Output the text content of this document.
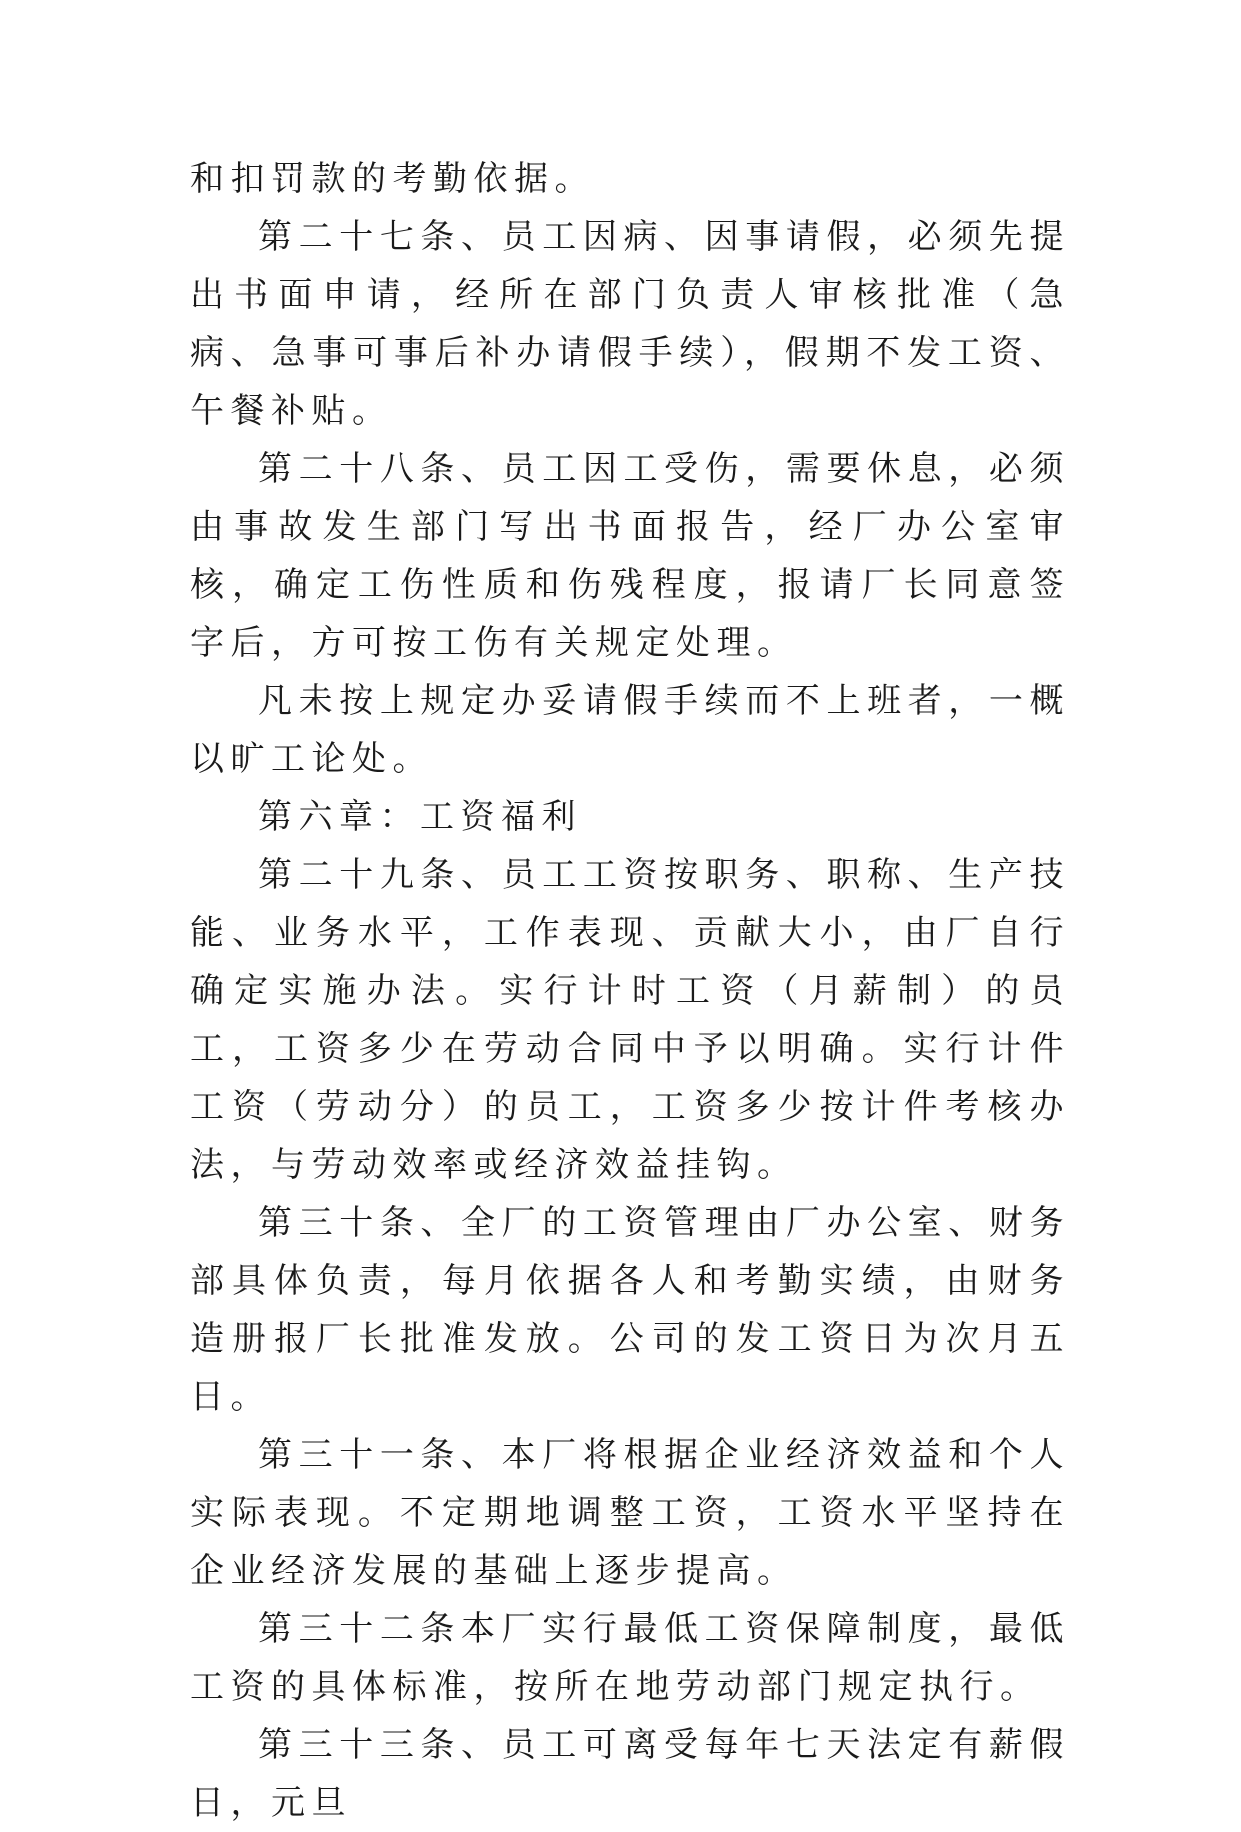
和扣罚款的考勤依据。

第二十七条、员工因病、因事请假，必须先提出书面申请，经所在部门负责人审核批准（急病、急事可事后补办请假手续），假期不发工资、午餐补贴。

第二十八条、员工因工受伤，需要休息，必须由事故发生部门写出书面报告，经厂办公室审核，确定工伤性质和伤残程度，报请厂长同意签字后，方可按工伤有关规定处理。

凡未按上规定办妥请假手续而不上班者，一概以旷工论处。

第六章：工资福利

第二十九条、员工工资按职务、职称、生产技能、业务水平，工作表现、贡献大小，由厂自行确定实施办法。实行计时工资（月薪制）的员工，工资多少在劳动合同中予以明确。实行计件工资（劳动分）的员工，工资多少按计件考核办法，与劳动效率或经济效益挂钩。

第三十条、全厂的工资管理由厂办公室、财务部具体负责，每月依据各人和考勤实绩，由财务造册报厂长批准发放。公司的发工资日为次月五日。

第三十一条、本厂将根据企业经济效益和个人实际表现。不定期地调整工资，工资水平坚持在企业经济发展的基础上逐步提高。

第三十二条本厂实行最低工资保障制度，最低工资的具体标准，按所在地劳动部门规定执行。

第三十三条、员工可离受每年七天法定有薪假日，元旦
